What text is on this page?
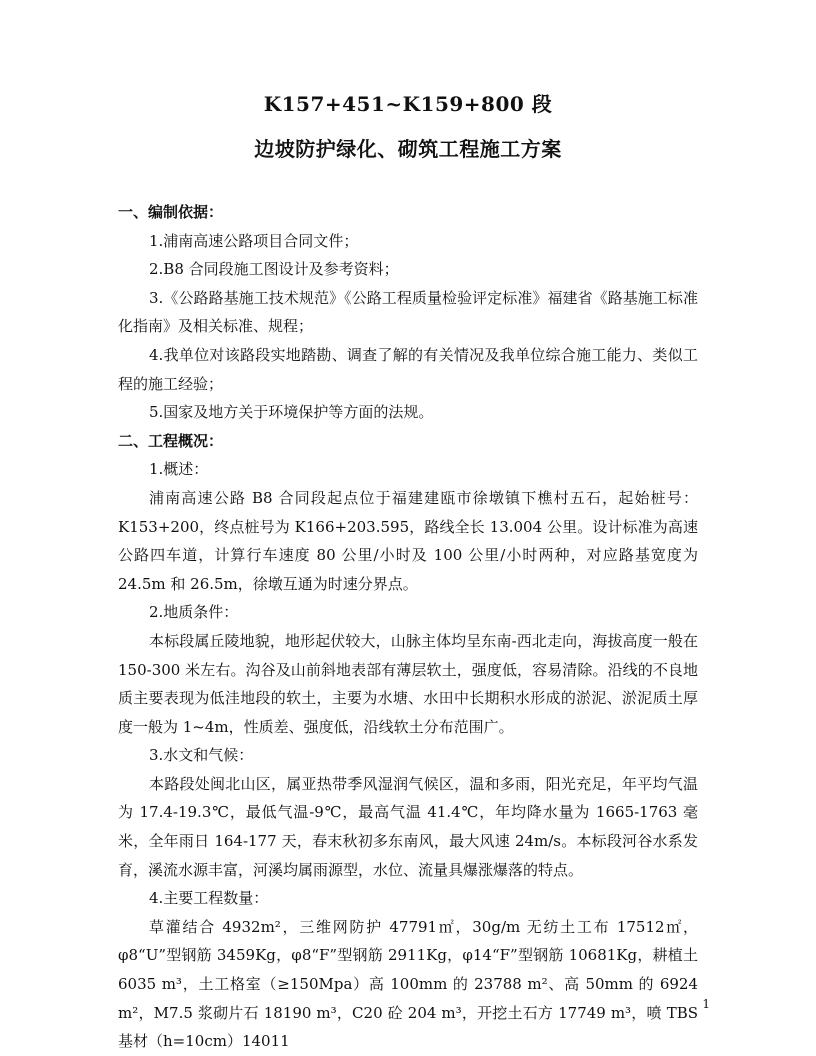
K157+451~K159+800 段
边坡防护绿化、砌筑工程施工方案

一、编制依据：

1.浦南高速公路项目合同文件；

2.B8 合同段施工图设计及参考资料；

3.《公路路基施工技术规范》《公路工程质量检验评定标准》福建省《路基施工标准化指南》及相关标准、规程；

4.我单位对该路段实地踏勘、调查了解的有关情况及我单位综合施工能力、类似工程的施工经验；

5.国家及地方关于环境保护等方面的法规。

二、工程概况：

1.概述：

浦南高速公路 B8 合同段起点位于福建建瓯市徐墩镇下樵村五石，起始桩号：K153+200，终点桩号为 K166+203.595，路线全长 13.004 公里。设计标准为高速公路四车道，计算行车速度 80 公里/小时及 100 公里/小时两种，对应路基宽度为 24.5m 和 26.5m，徐墩互通为时速分界点。

2.地质条件：

本标段属丘陵地貌，地形起伏较大，山脉主体均呈东南-西北走向，海拔高度一般在 150-300 米左右。沟谷及山前斜地表部有薄层软土，强度低，容易清除。沿线的不良地质主要表现为低洼地段的软土，主要为水塘、水田中长期积水形成的淤泥、淤泥质土厚度一般为 1~4m，性质差、强度低，沿线软土分布范围广。

3.水文和气候：

本路段处闽北山区，属亚热带季风湿润气候区，温和多雨，阳光充足，年平均气温为 17.4-19.3℃，最低气温-9℃，最高气温 41.4℃，年均降水量为 1665-1763 毫米，全年雨日 164-177 天，春末秋初多东南风，最大风速 24m/s。本标段河谷水系发育，溪流水源丰富，河溪均属雨源型，水位、流量具爆涨爆落的特点。

4.主要工程数量：

草灌结合 4932m²，三维网防护 47791㎡，30g/m 无纺土工布 17512㎡，φ8“U”型钢筋 3459Kg，φ8“F”型钢筋 2911Kg，φ14“F”型钢筋 10681Kg，耕植土 6035 m³，土工格室（≥150Mpa）高 100mm 的 23788 m²、高 50mm 的 6924 m²，M7.5 浆砌片石 18190 m³，C20 砼 204 m³，开挖土石方 17749 m³，喷 TBS 基材（h=10cm）14011

1
